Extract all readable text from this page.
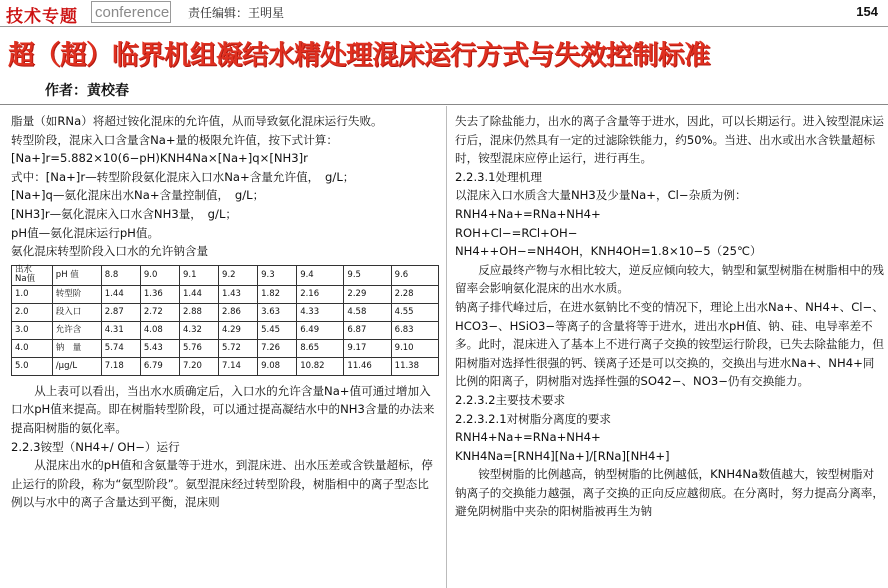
技术专题 conference 责任编辑：王明星	154
超（超）临界机组凝结水精处理混床运行方式与失效控制标准
作者：黄校春

脂量（如RNa）将超过铵化混床的允许值，从而导致氨化混床运行失败。

转型阶段，混床入口含量含Na+量的极限允许值，按下式计算：

[Na+]r=5.882×10(6−pH)KNH4Na×[Na+]q×[NH3]r

式中：[Na+]r—转型阶段氨化混床入口水Na+含量允许值，　g/L；

[Na+]q—氨化混床出水Na+含量控制值，　g/L；

[NH3]r—氨化混床入口水含NH3量，　g/L；

pH值—氨化混床运行pH值。

氨化混床转型阶段入口水的允许钠含量

出水
Na值	pH 值	8.8	9.0	9.1	9.2	9.3	9.4	9.5	9.6
1.0	转型阶	1.44	1.36	1.44	1.43	1.82	2.16	2.29	2.28
2.0	段入口	2.87	2.72	2.88	2.86	3.63	4.33	4.58	4.55
3.0	允许含	4.31	4.08	4.32	4.29	5.45	6.49	6.87	6.83
4.0	钠　量	5.74	5.43	5.76	5.72	7.26	8.65	9.17	9.10
5.0	/μg/L	7.18	6.79	7.20	7.14	9.08	10.82	11.46	11.38

从上表可以看出，当出水水质确定后，入口水的允许含量Na+值可通过增加入口水pH值来提高。即在树脂转型阶段，可以通过提高凝结水中的NH3含量的办法来提高阳树脂的氨化率。

2.2.3铵型（NH4+/ OH−）运行

从混床出水的pH值和含氨量等于进水，到混床进、出水压差或含铁量超标，停止运行的阶段，称为“氨型阶段”。氨型混床经过转型阶段，树脂相中的离子型态比例以与水中的离子含量达到平衡，混床则

失去了除盐能力，出水的离子含量等于进水，因此，可以长期运行。进入铵型混床运行后，混床仍然具有一定的过滤除铁能力，约50%。当进、出水或出水含铁量超标时，铵型混床应停止运行，进行再生。

2.2.3.1处理机理

以混床入口水质含大量NH3及少量Na+，Cl−杂质为例：

RNH4+Na+=RNa+NH4+

ROH+Cl−=RCl+OH−

NH4++OH−=NH4OH，KNH4OH=1.8×10−5（25℃）

反应最终产物与水相比较大，逆反应倾向较大，钠型和氯型树脂在树脂相中的残留率会影响氨化混床的出水水质。

钠离子排代峰过后，在进水氨钠比不变的情况下，理论上出水Na+、NH4+、Cl−、HCO3−、HSiO3−等离子的含量将等于进水，进出水pH值、钠、硅、电导率差不多。此时，混床进入了基本上不进行离子交换的铵型运行阶段，已失去除盐能力，但阳树脂对选择性很强的钙、镁离子还是可以交换的，交换出与进水Na+、NH4+同比例的阳离子，阴树脂对选择性强的SO42−、NO3−仍有交换能力。

2.2.3.2主要技术要求

2.2.3.2.1对树脂分离度的要求

RNH4+Na+=RNa+NH4+

KNH4Na=[RNH4][Na+]/[RNa][NH4+]

铵型树脂的比例越高，钠型树脂的比例越低，KNH4Na数值越大，铵型树脂对钠离子的交换能力越强，离子交换的正向反应越彻底。在分离时，努力提高分离率，避免阴树脂中夹杂的阳树脂被再生为钠
